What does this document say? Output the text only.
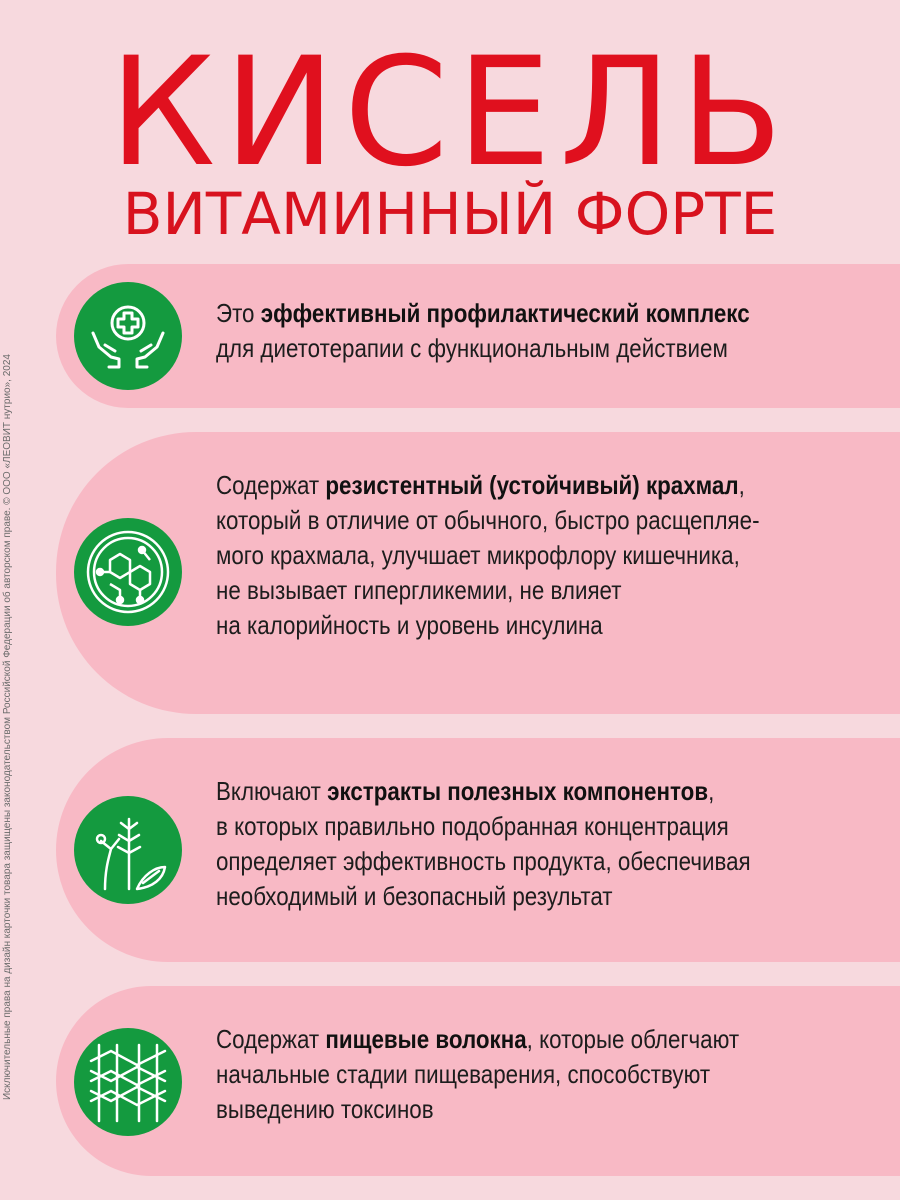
КИСЕЛЬ
ВИТАМИННЫЙ ФОРТЕ
Исключительные права на дизайн карточки товара защищены законодательством Российской Федерации об авторском праве. © ООО «ЛЕОВИТ нутрио», 2024
Это эффективный профилактический комплекс
для диетотерапии с функциональным действием
Содержат резистентный (устойчивый) крахмал,
который в отличие от обычного, быстро расщепляе-
мого крахмала, улучшает микрофлору кишечника,
не вызывает гипергликемии, не влияет
на калорийность и уровень инсулина
Включают экстракты полезных компонентов,
в которых правильно подобранная концентрация
определяет эффективность продукта, обеспечивая
необходимый и безопасный результат
Содержат пищевые волокна, которые облегчают
начальные стадии пищеварения, способствуют
выведению токсинов
